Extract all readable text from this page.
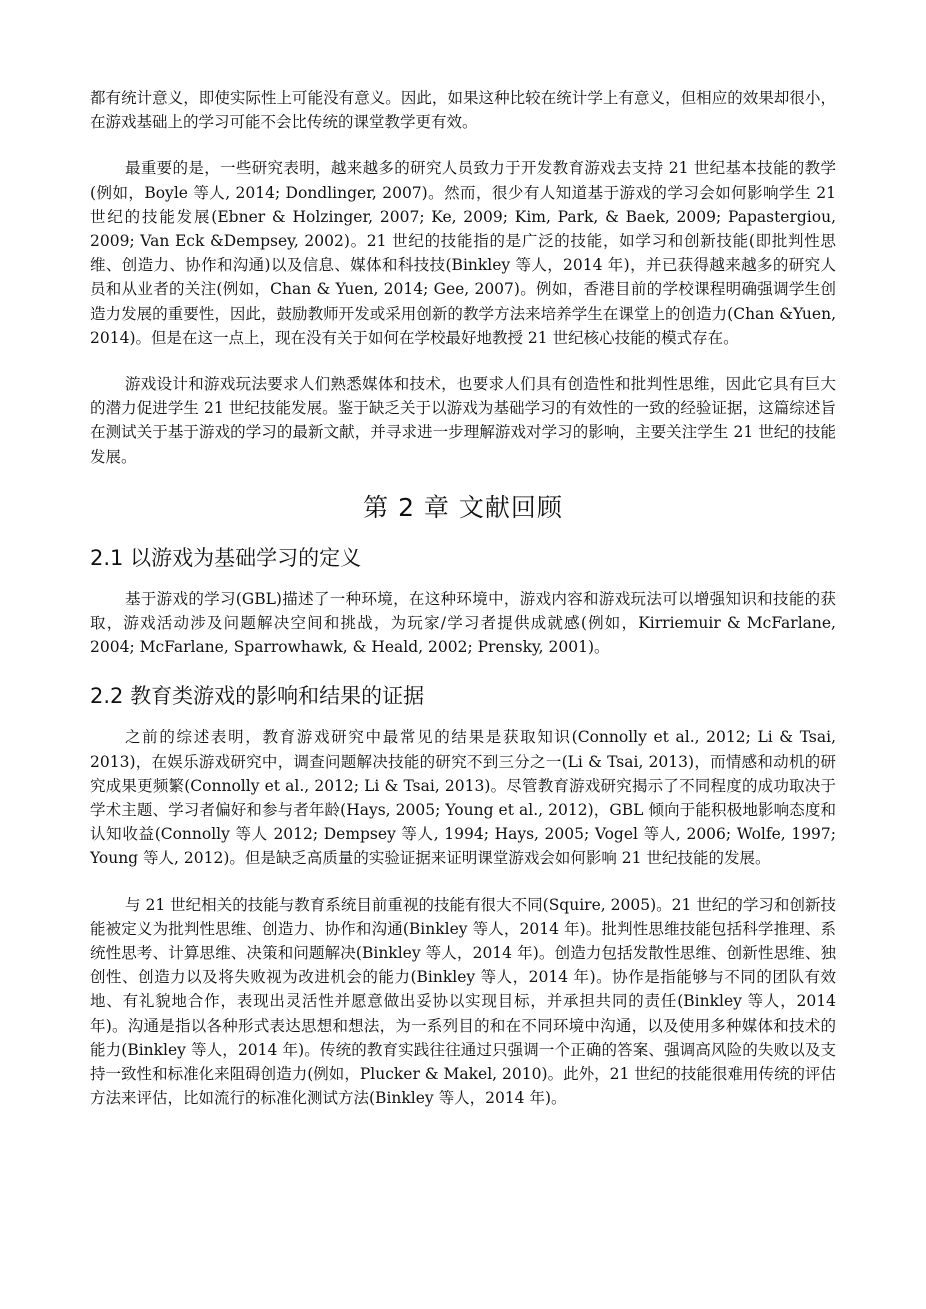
都有统计意义，即使实际性上可能没有意义。因此，如果这种比较在统计学上有意义，但相应的效果却很小，在游戏基础上的学习可能不会比传统的课堂教学更有效。

最重要的是，一些研究表明，越来越多的研究人员致力于开发教育游戏去支持 21 世纪基本技能的教学(例如，Boyle 等人, 2014; Dondlinger, 2007)。然而，很少有人知道基于游戏的学习会如何影响学生 21 世纪的技能发展(Ebner & Holzinger, 2007; Ke, 2009; Kim, Park, & Baek, 2009; Papastergiou, 2009; Van Eck &Dempsey, 2002)。21 世纪的技能指的是广泛的技能，如学习和创新技能(即批判性思维、创造力、协作和沟通)以及信息、媒体和科技技(Binkley 等人，2014 年)，并已获得越来越多的研究人员和从业者的关注(例如，Chan & Yuen, 2014; Gee, 2007)。例如，香港目前的学校课程明确强调学生创造力发展的重要性，因此，鼓励教师开发或采用创新的教学方法来培养学生在课堂上的创造力(Chan &Yuen, 2014)。但是在这一点上，现在没有关于如何在学校最好地教授 21 世纪核心技能的模式存在。

游戏设计和游戏玩法要求人们熟悉媒体和技术，也要求人们具有创造性和批判性思维，因此它具有巨大的潜力促进学生 21 世纪技能发展。鉴于缺乏关于以游戏为基础学习的有效性的一致的经验证据，这篇综述旨在测试关于基于游戏的学习的最新文献，并寻求进一步理解游戏对学习的影响，主要关注学生 21 世纪的技能发展。

第 2 章 文献回顾
2.1 以游戏为基础学习的定义

基于游戏的学习(GBL)描述了一种环境，在这种环境中，游戏内容和游戏玩法可以增强知识和技能的获取，游戏活动涉及问题解决空间和挑战，为玩家/学习者提供成就感(例如，Kirriemuir & McFarlane, 2004; McFarlane, Sparrowhawk, & Heald, 2002; Prensky, 2001)。

2.2 教育类游戏的影响和结果的证据

之前的综述表明，教育游戏研究中最常见的结果是获取知识(Connolly et al., 2012; Li & Tsai, 2013)，在娱乐游戏研究中，调查问题解决技能的研究不到三分之一(Li & Tsai, 2013)，而情感和动机的研究成果更频繁(Connolly et al., 2012; Li & Tsai, 2013)。尽管教育游戏研究揭示了不同程度的成功取决于学术主题、学习者偏好和参与者年龄(Hays, 2005; Young et al., 2012)，GBL 倾向于能积极地影响态度和认知收益(Connolly 等人 2012; Dempsey 等人, 1994; Hays, 2005; Vogel 等人, 2006; Wolfe, 1997; Young 等人, 2012)。但是缺乏高质量的实验证据来证明课堂游戏会如何影响 21 世纪技能的发展。

与 21 世纪相关的技能与教育系统目前重视的技能有很大不同(Squire, 2005)。21 世纪的学习和创新技能被定义为批判性思维、创造力、协作和沟通(Binkley 等人，2014 年)。批判性思维技能包括科学推理、系统性思考、计算思维、决策和问题解决(Binkley 等人，2014 年)。创造力包括发散性思维、创新性思维、独创性、创造力以及将失败视为改进机会的能力(Binkley 等人，2014 年)。协作是指能够与不同的团队有效地、有礼貌地合作，表现出灵活性并愿意做出妥协以实现目标，并承担共同的责任(Binkley 等人，2014 年)。沟通是指以各种形式表达思想和想法，为一系列目的和在不同环境中沟通，以及使用多种媒体和技术的能力(Binkley 等人，2014 年)。传统的教育实践往往通过只强调一个正确的答案、强调高风险的失败以及支持一致性和标准化来阻碍创造力(例如，Plucker & Makel, 2010)。此外，21 世纪的技能很难用传统的评估方法来评估，比如流行的标准化测试方法(Binkley 等人，2014 年)。
